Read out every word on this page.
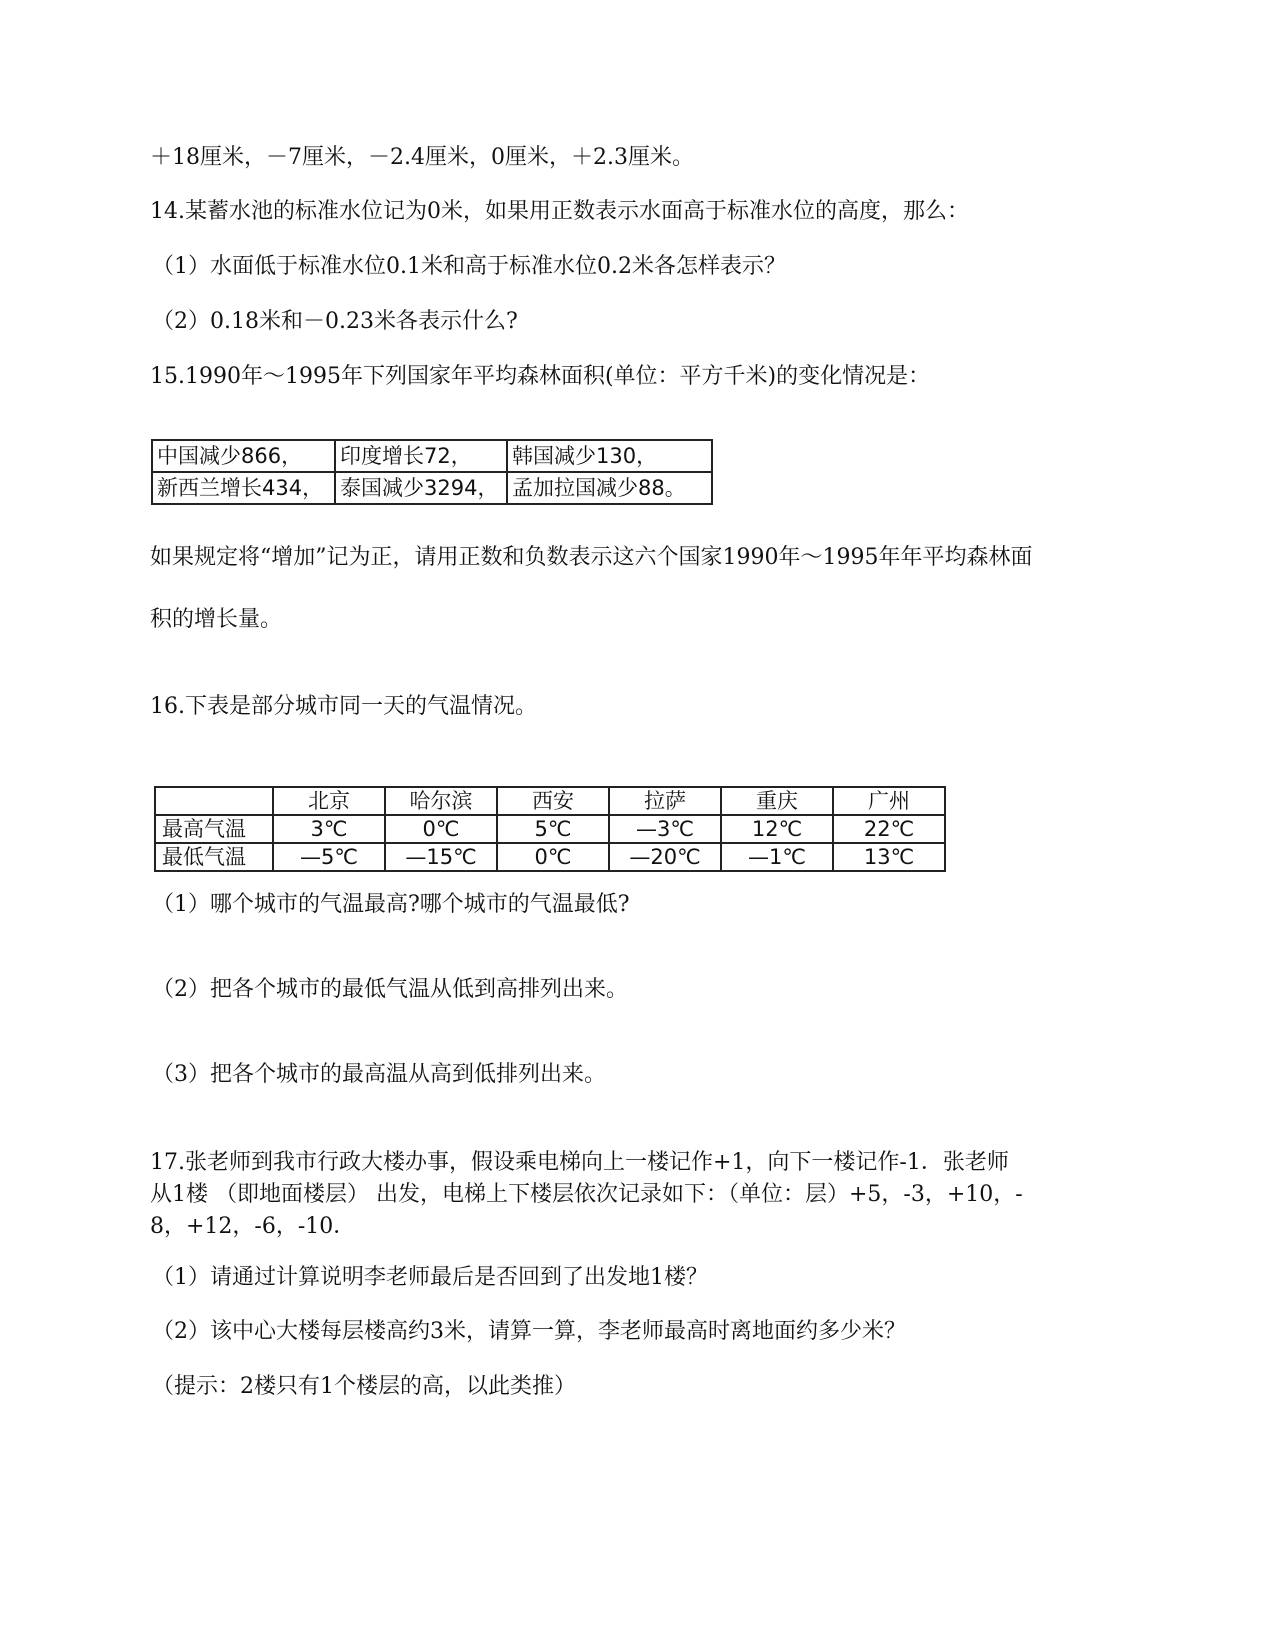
＋18厘米，－7厘米，－2.4厘米，0厘米，＋2.3厘米。
14.某蓄水池的标准水位记为0米，如果用正数表示水面高于标准水位的高度，那么：
（1）水面低于标准水位0.1米和高于标准水位0.2米各怎样表示？
（2）0.18米和－0.23米各表示什么?
15.1990年～1995年下列国家年平均森林面积(单位：平方千米)的变化情况是：
中国减少866，	印度增长72，	韩国减少130，
新西兰增长434，	泰国减少3294，	孟加拉国减少88。
如果规定将“增加”记为正，请用正数和负数表示这六个国家1990年～1995年年平均森林面
积的增长量。
16.下表是部分城市同一天的气温情况。
	北京	哈尔滨	西安	拉萨	重庆	广州
最高气温	3℃	0℃	5℃	—3℃	12℃	22℃
最低气温	—5℃	—15℃	0℃	—20℃	—1℃	13℃
（1）哪个城市的气温最高?哪个城市的气温最低?
（2）把各个城市的最低气温从低到高排列出来。
（3）把各个城市的最高温从高到低排列出来。
17.张老师到我市行政大楼办事，假设乘电梯向上一楼记作+1，向下一楼记作-1．张老师
从1楼 （即地面楼层） 出发，电梯上下楼层依次记录如下：（单位：层）+5，-3，+10，-
8，+12，-6，-10．
（1）请通过计算说明李老师最后是否回到了出发地1楼？
（2）该中心大楼每层楼高约3米，请算一算，李老师最高时离地面约多少米？
（提示：2楼只有1个楼层的高，以此类推）
